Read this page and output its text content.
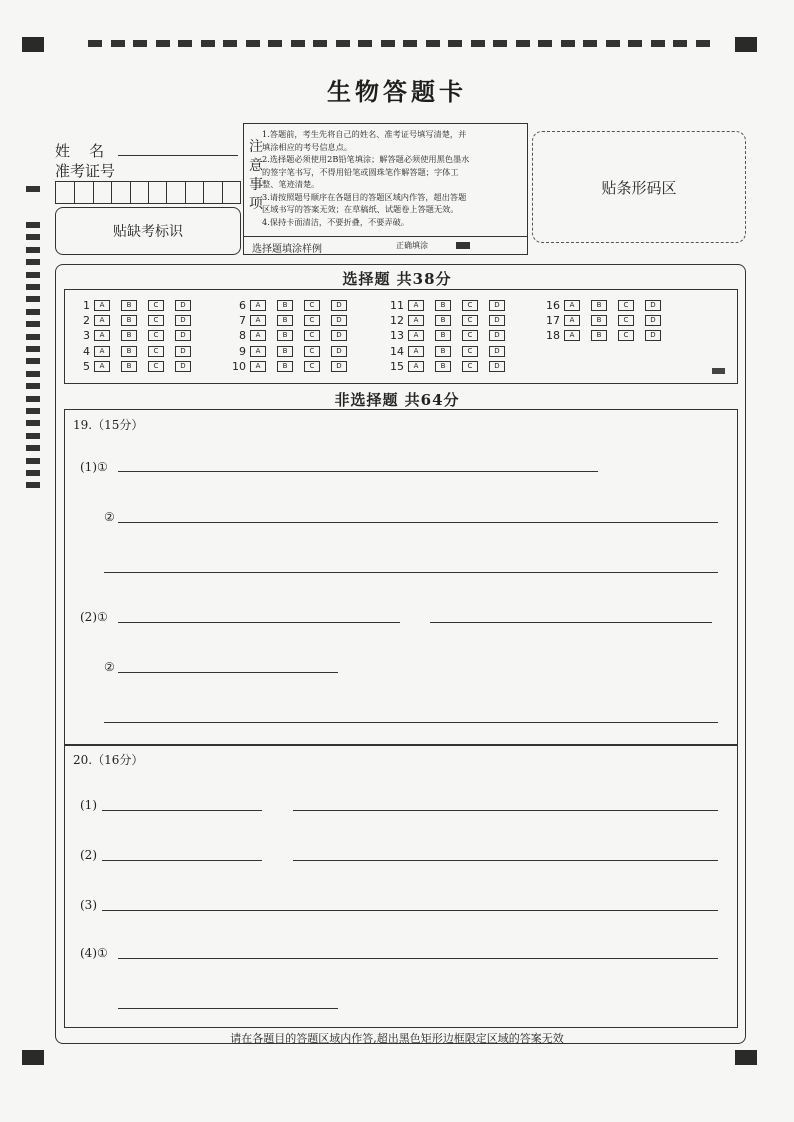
生物答题卡
姓    名
准考证号
贴缺考标识
注
意
事
项
1.答题前，考生先将自己的姓名、准考证号填写清楚，并
填涂相应的考号信息点。
2.选择题必须使用2B铅笔填涂；解答题必须使用黑色墨水
的签字笔书写，不得用铅笔或圆珠笔作解答题；字体工
整、笔迹清楚。
3.请按照题号顺序在各题目的答题区域内作答，超出答题
区域书写的答案无效；在草稿纸、试题卷上答题无效。
4.保持卡面清洁，不要折叠，不要弄破。
选择题填涂样例	正确填涂
贴条形码区
选择题 共38分
1	A	B	C	D
2	A	B	C	D
3	A	B	C	D
4	A	B	C	D
5	A	B	C	D
6	A	B	C	D
7	A	B	C	D
8	A	B	C	D
9	A	B	C	D
10	A	B	C	D
11	A	B	C	D
12	A	B	C	D
13	A	B	C	D
14	A	B	C	D
15	A	B	C	D
16	A	B	C	D
17	A	B	C	D
18	A	B	C	D
非选择题 共64分
19.（15分）
(1)①
②
(2)①
②
20.（16分）
(1)
(2)
(3)
(4)①
请在各题目的答题区域内作答,超出黑色矩形边框限定区域的答案无效
